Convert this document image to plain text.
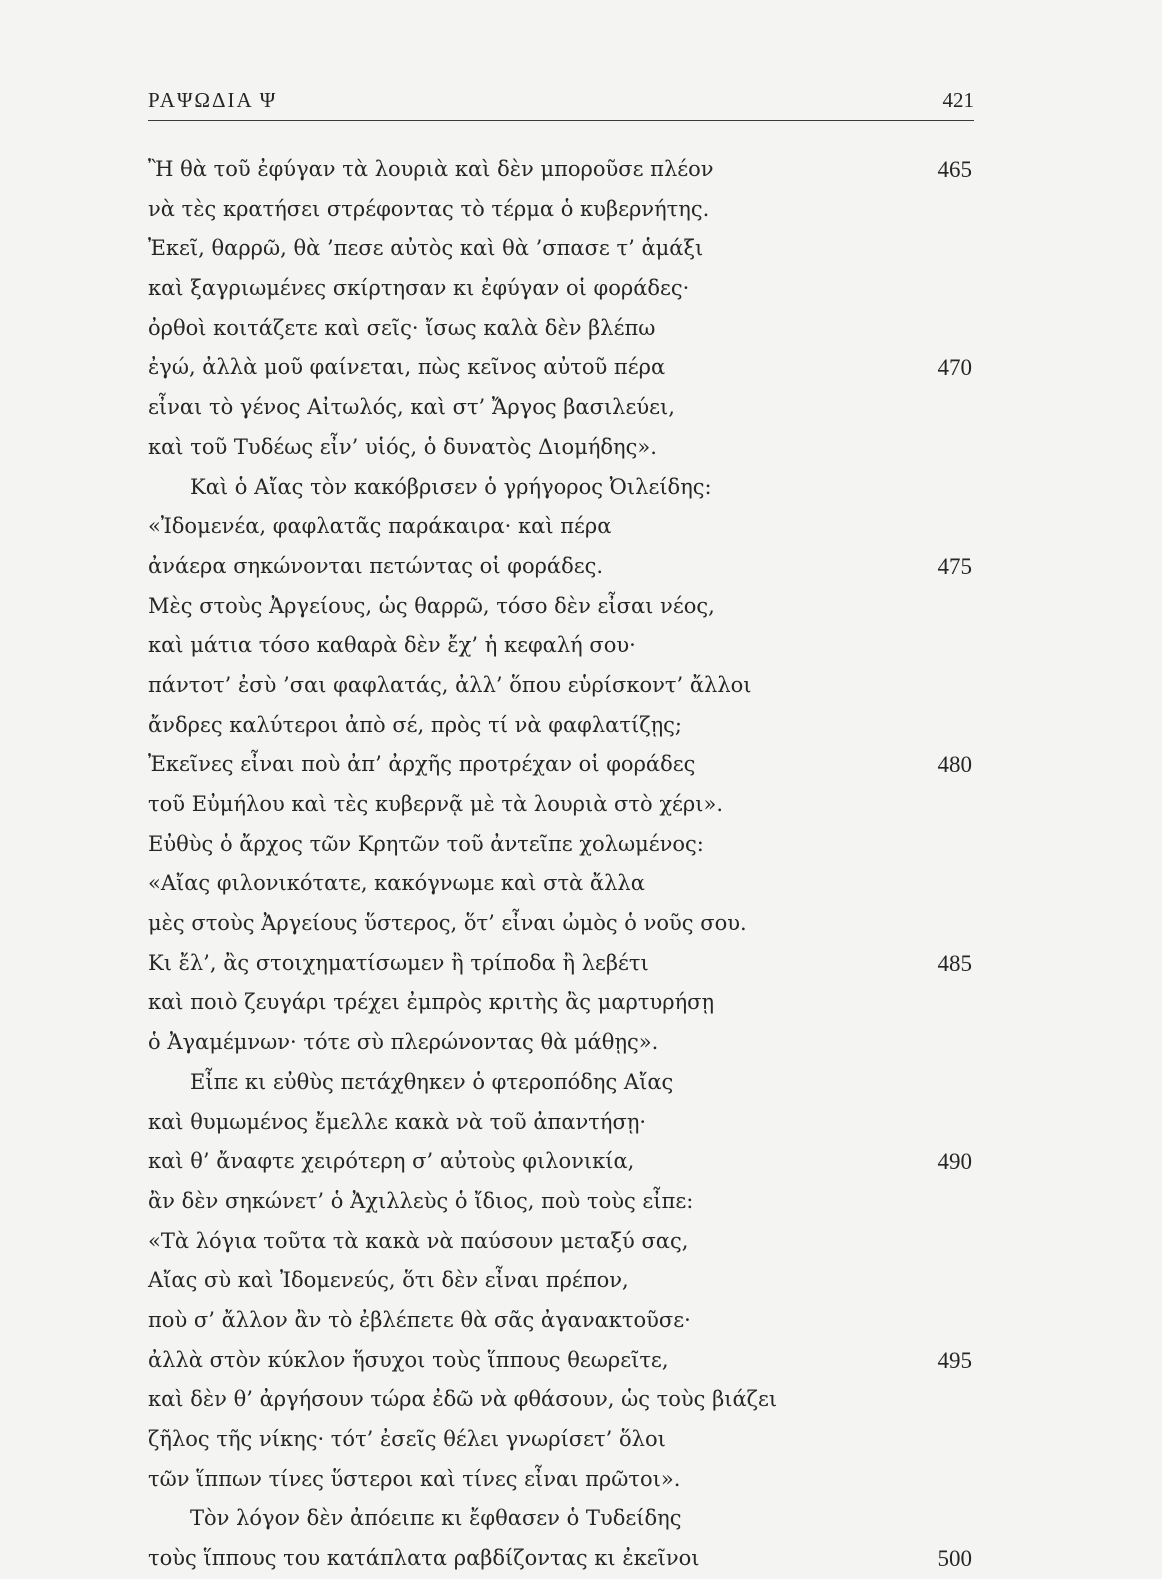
ΡΑΨΩΔΙΑ Ψ	421
Ἢ θὰ τοῦ ἐφύγαν τὰ λουριὰ καὶ δὲν μποροῦσε πλέον	465
νὰ τὲς κρατήσει στρέφοντας τὸ τέρμα ὁ κυβερνήτης.
Ἐκεῖ, θαρρῶ, θὰ ’πεσε αὐτὸς καὶ θὰ ’σπασε τ’ ἁμάξι
καὶ ξαγριωμένες σκίρτησαν κι ἐφύγαν οἱ φοράδες·
ὀρθοὶ κοιτάζετε καὶ σεῖς· ἴσως καλὰ δὲν βλέπω
ἐγώ, ἀλλὰ μοῦ φαίνεται, πὼς κεῖνος αὐτοῦ πέρα	470
εἶναι τὸ γένος Αἰτωλός, καὶ στ’ Ἄργος βασιλεύει,
καὶ τοῦ Τυδέως εἶν’ υἱός, ὁ δυνατὸς Διομήδης».
Καὶ ὁ Αἴας τὸν κακόβρισεν ὁ γρήγορος Ὀιλείδης:
«Ἰδομενέα, φαφλατᾶς παράκαιρα· καὶ πέρα
ἀνάερα σηκώνονται πετώντας οἱ φοράδες.	475
Μὲς στοὺς Ἀργείους, ὡς θαρρῶ, τόσο δὲν εἶσαι νέος,
καὶ μάτια τόσο καθαρὰ δὲν ἔχ’ ἡ κεφαλή σου·
πάντοτ’ ἐσὺ ’σαι φαφλατάς, ἀλλ’ ὅπου εὑρίσκοντ’ ἄλλοι
ἄνδρες καλύτεροι ἀπὸ σέ, πρὸς τί νὰ φαφλατίζῃς;
Ἐκεῖνες εἶναι ποὺ ἀπ’ ἀρχῆς προτρέχαν οἱ φοράδες	480
τοῦ Εὐμήλου καὶ τὲς κυβερνᾷ μὲ τὰ λουριὰ στὸ χέρι».
Εὐθὺς ὁ ἄρχος τῶν Κρητῶν τοῦ ἀντεῖπε χολωμένος:
«Αἴας φιλονικότατε, κακόγνωμε καὶ στὰ ἄλλα
μὲς στοὺς Ἀργείους ὕστερος, ὅτ’ εἶναι ὠμὸς ὁ νοῦς σου.
Κι ἔλ’, ἂς στοιχηματίσωμεν ἢ τρίποδα ἢ λεβέτι	485
καὶ ποιὸ ζευγάρι τρέχει ἐμπρὸς κριτὴς ἂς μαρτυρήσῃ
ὁ Ἀγαμέμνων· τότε σὺ πλερώνοντας θὰ μάθῃς».
Εἶπε κι εὐθὺς πετάχθηκεν ὁ φτεροπόδης Αἴας
καὶ θυμωμένος ἔμελλε κακὰ νὰ τοῦ ἀπαντήσῃ·
καὶ θ’ ἄναφτε χειρότερη σ’ αὐτοὺς φιλονικία,	490
ἂν δὲν σηκώνετ’ ὁ Ἀχιλλεὺς ὁ ἴδιος, ποὺ τοὺς εἶπε:
«Τὰ λόγια τοῦτα τὰ κακὰ νὰ παύσουν μεταξύ σας,
Αἴας σὺ καὶ Ἰδομενεύς, ὅτι δὲν εἶναι πρέπον,
ποὺ σ’ ἄλλον ἂν τὸ ἐβλέπετε θὰ σᾶς ἀγανακτοῦσε·
ἀλλὰ στὸν κύκλον ἥσυχοι τοὺς ἵππους θεωρεῖτε,	495
καὶ δὲν θ’ ἀργήσουν τώρα ἐδῶ νὰ φθάσουν, ὡς τοὺς βιάζει
ζῆλος τῆς νίκης· τότ’ ἐσεῖς θέλει γνωρίσετ’ ὅλοι
τῶν ἵππων τίνες ὕστεροι καὶ τίνες εἶναι πρῶτοι».
Τὸν λόγον δὲν ἀπόειπε κι ἔφθασεν ὁ Τυδείδης
τοὺς ἵππους του κατάπλατα ραβδίζοντας κι ἐκεῖνοι	500
